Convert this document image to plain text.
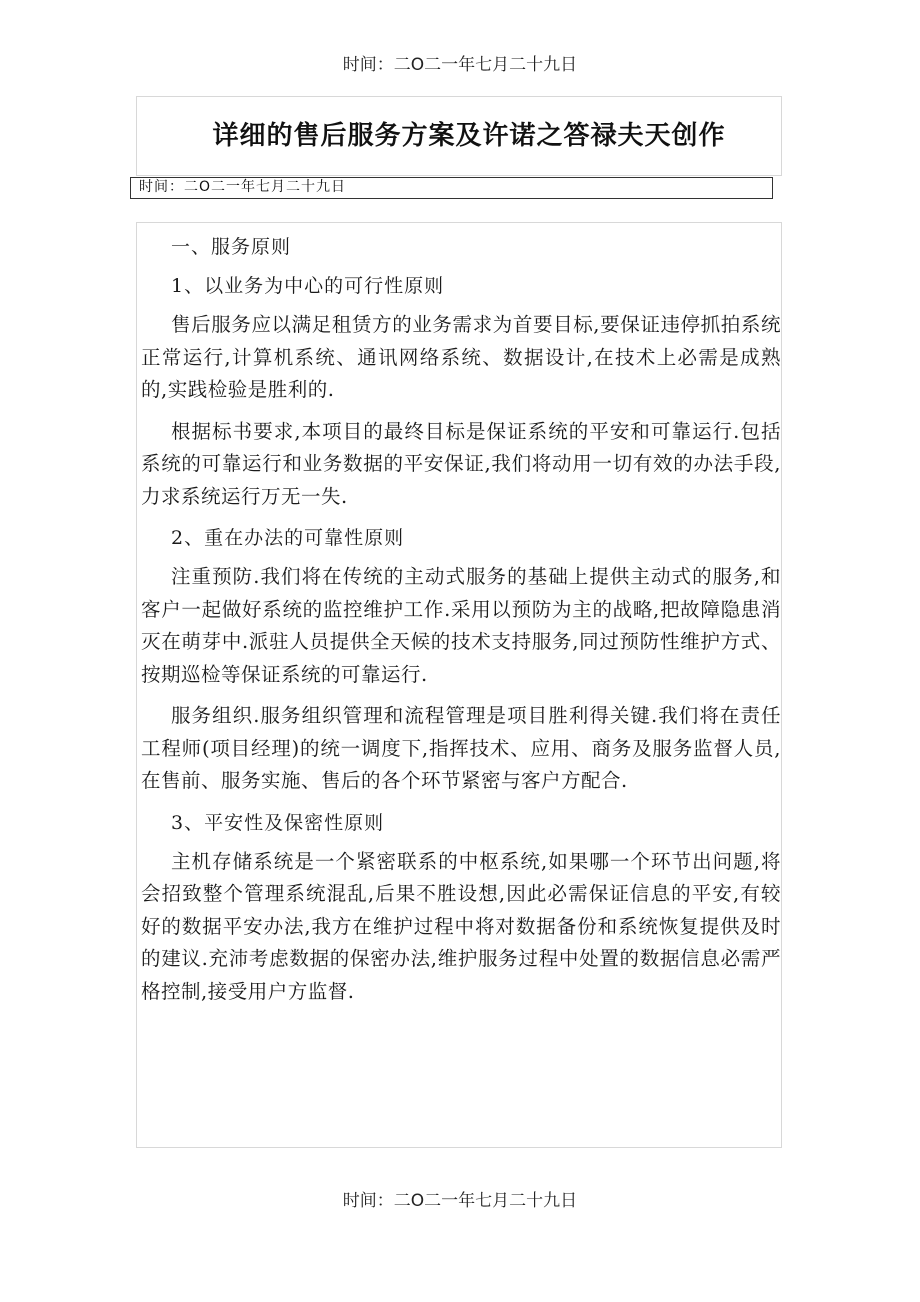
时间：二O二一年七月二十九日
详细的售后服务方案及许诺之答禄夫天创作
时间：二O二一年七月二十九日
一、服务原则
1、以业务为中心的可行性原则
售后服务应以满足租赁方的业务需求为首要目标,要保证违停抓拍系统正常运行,计算机系统、通讯网络系统、数据设计,在技术上必需是成熟的,实践检验是胜利的.
根据标书要求,本项目的最终目标是保证系统的平安和可靠运行.包括系统的可靠运行和业务数据的平安保证,我们将动用一切有效的办法手段,力求系统运行万无一失.
2、重在办法的可靠性原则
注重预防.我们将在传统的主动式服务的基础上提供主动式的服务,和客户一起做好系统的监控维护工作.采用以预防为主的战略,把故障隐患消灭在萌芽中.派驻人员提供全天候的技术支持服务,同过预防性维护方式、按期巡检等保证系统的可靠运行.
服务组织.服务组织管理和流程管理是项目胜利得关键.我们将在责任工程师(项目经理)的统一调度下,指挥技术、应用、商务及服务监督人员,在售前、服务实施、售后的各个环节紧密与客户方配合.
3、平安性及保密性原则
主机存储系统是一个紧密联系的中枢系统,如果哪一个环节出问题,将会招致整个管理系统混乱,后果不胜设想,因此必需保证信息的平安,有较好的数据平安办法,我方在维护过程中将对数据备份和系统恢复提供及时的建议.充沛考虑数据的保密办法,维护服务过程中处置的数据信息必需严格控制,接受用户方监督.
时间：二O二一年七月二十九日
